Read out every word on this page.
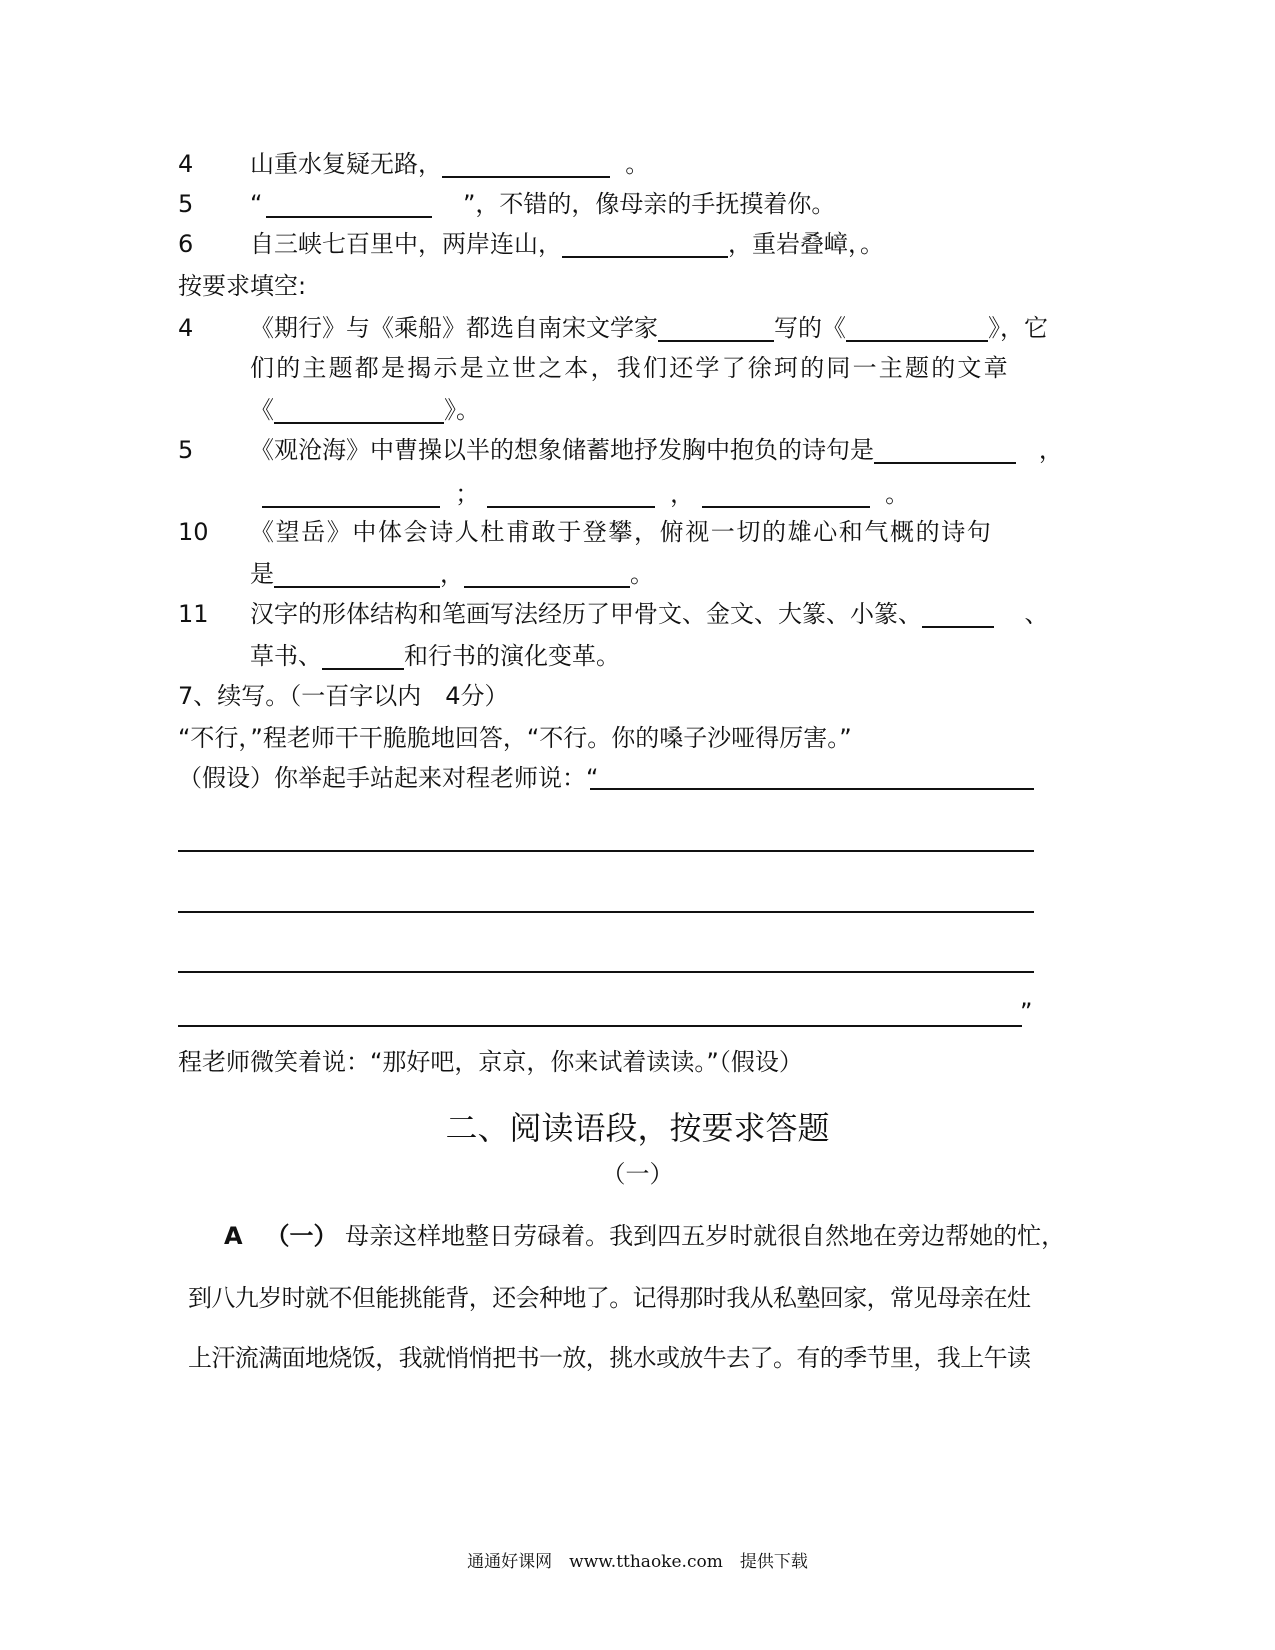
4 山重水复疑无路，	。
5 “	”，不错的，像母亲的手抚摸着你。
6 自三峡七百里中，两岸连山，	，重岩叠嶂，。
按要求填空:
4 《期行》与《乘船》都选自南宋文学家	写的《	》，它
们的主题都是揭示是立世之本，我们还学了徐珂的同一主题的文章
《	》。
5 《观沧海》中曹操以半的想象储蓄地抒发胸中抱负的诗句是	，
；	，	。
10 《望岳》中体会诗人杜甫敢于登攀，俯视一切的雄心和气概的诗句
是	，	。
11 汉字的形体结构和笔画写法经历了甲骨文、金文、大篆、小篆、	、
草书、	和行书的演化变革。
7、续写。（一百字以内　4分）
“不行，”程老师干干脆脆地回答，“不行。你的嗓子沙哑得厉害。”
（假设）你举起手站起来对程老师说：“
”
程老师微笑着说：“那好吧，京京，你来试着读读。”（假设）
二、阅读语段，按要求答题
（一）
A （一） 母亲这样地整日劳碌着。我到四五岁时就很自然地在旁边帮她的忙，
到八九岁时就不但能挑能背，还会种地了。记得那时我从私塾回家，常见母亲在灶
上汗流满面地烧饭，我就悄悄把书一放，挑水或放牛去了。有的季节里，我上午读
通通好课网　www.tthaoke.com　提供下载
